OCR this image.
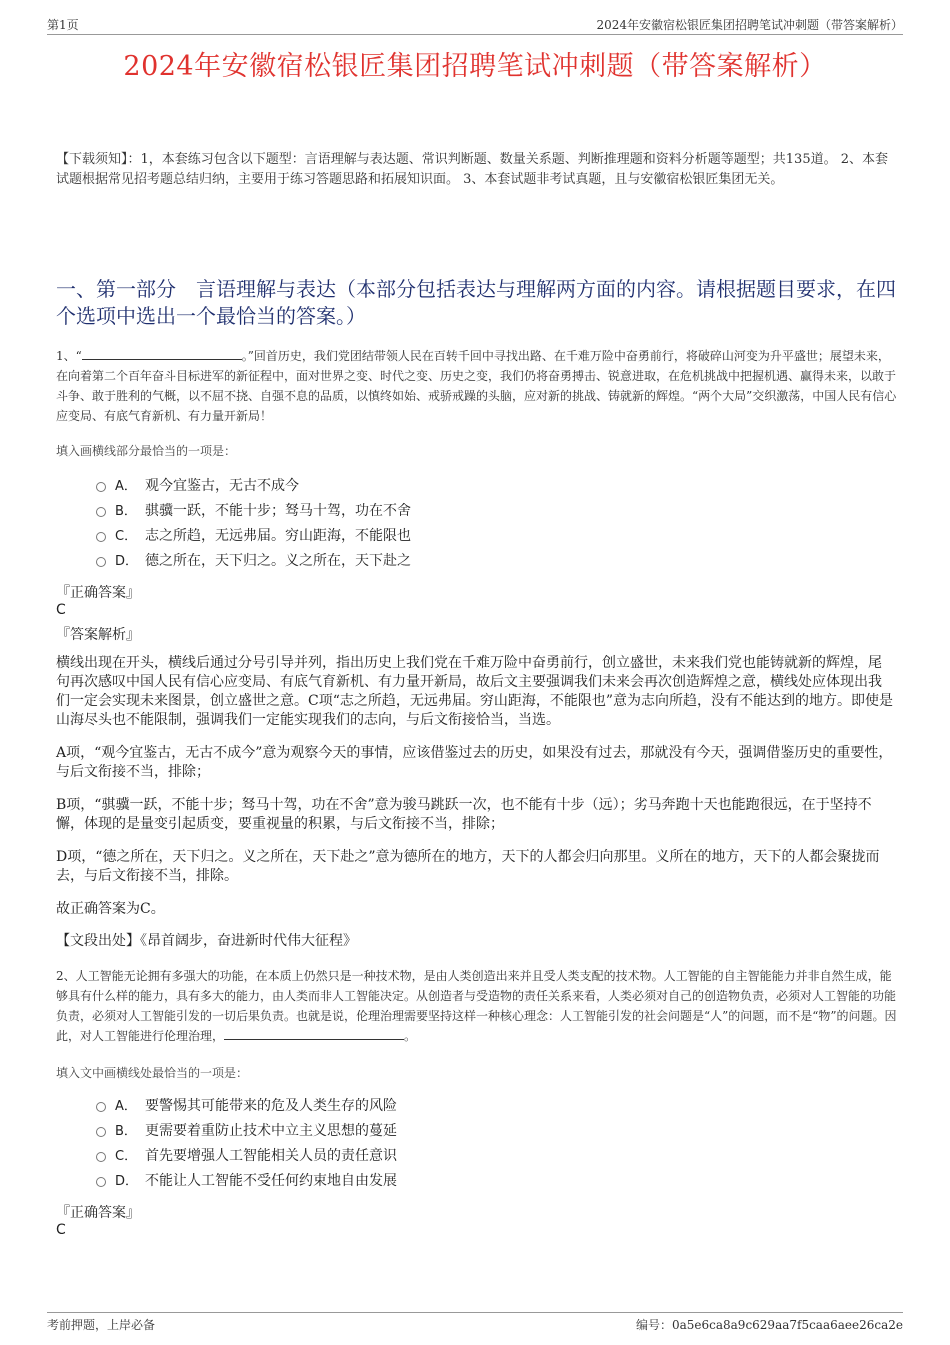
第1页	2024年安徽宿松银匠集团招聘笔试冲刺题（带答案解析）
2024年安徽宿松银匠集团招聘笔试冲刺题（带答案解析）
【下载须知】：1，本套练习包含以下题型：言语理解与表达题、常识判断题、数量关系题、判断推理题和资料分析题等题型；共135道。 2、本套试题根据常见招考题总结归纳，主要用于练习答题思路和拓展知识面。 3、本套试题非考试真题，且与安徽宿松银匠集团无关。
一、第一部分　言语理解与表达（本部分包括表达与理解两方面的内容。请根据题目要求，在四个选项中选出一个最恰当的答案。）
1、“	。”回首历史，我们党团结带领人民在百转千回中寻找出路、在千难万险中奋勇前行，将破碎山河变为升平盛世；展望未来，在向着第二个百年奋斗目标进军的新征程中，面对世界之变、时代之变、历史之变，我们仍将奋勇搏击、锐意进取，在危机挑战中把握机遇、赢得未来，以敢于斗争、敢于胜利的气概，以不屈不挠、自强不息的品质，以慎终如始、戒骄戒躁的头脑，应对新的挑战、铸就新的辉煌。“两个大局”交织激荡，中国人民有信心应变局、有底气育新机、有力量开新局！
填入画横线部分最恰当的一项是：
A． 观今宜鉴古，无古不成今
B． 骐骥一跃，不能十步；驽马十驾，功在不舍
C． 志之所趋，无远弗届。穷山距海，不能限也
D． 德之所在，天下归之。义之所在，天下赴之
『正确答案』
C
『答案解析』
横线出现在开头，横线后通过分号引导并列，指出历史上我们党在千难万险中奋勇前行，创立盛世，未来我们党也能铸就新的辉煌，尾句再次感叹中国人民有信心应变局、有底气育新机、有力量开新局，故后文主要强调我们未来会再次创造辉煌之意，横线处应体现出我们一定会实现未来图景，创立盛世之意。C项“志之所趋，无远弗届。穷山距海，不能限也”意为志向所趋，没有不能达到的地方。即使是山海尽头也不能限制，强调我们一定能实现我们的志向，与后文衔接恰当，当选。
A项，“观今宜鉴古，无古不成今”意为观察今天的事情，应该借鉴过去的历史，如果没有过去，那就没有今天，强调借鉴历史的重要性，与后文衔接不当，排除；
B项，“骐骥一跃，不能十步；驽马十驾，功在不舍”意为骏马跳跃一次，也不能有十步（远）；劣马奔跑十天也能跑很远，在于坚持不懈，体现的是量变引起质变，要重视量的积累，与后文衔接不当，排除；
D项，“德之所在，天下归之。义之所在，天下赴之”意为德所在的地方，天下的人都会归向那里。义所在的地方，天下的人都会聚拢而去，与后文衔接不当，排除。
故正确答案为C。
【文段出处】《昂首阔步，奋进新时代伟大征程》
2、人工智能无论拥有多强大的功能，在本质上仍然只是一种技术物，是由人类创造出来并且受人类支配的技术物。人工智能的自主智能能力并非自然生成，能够具有什么样的能力，具有多大的能力，由人类而非人工智能决定。从创造者与受造物的责任关系来看，人类必须对自己的创造物负责，必须对人工智能的功能负责，必须对人工智能引发的一切后果负责。也就是说，伦理治理需要坚持这样一种核心理念：人工智能引发的社会问题是“人”的问题，而不是“物”的问题。因此，对人工智能进行伦理治理，	。
填入文中画横线处最恰当的一项是：
A． 要警惕其可能带来的危及人类生存的风险
B． 更需要着重防止技术中立主义思想的蔓延
C． 首先要增强人工智能相关人员的责任意识
D． 不能让人工智能不受任何约束地自由发展
『正确答案』
C
考前押题，上岸必备	编号：0a5e6ca8a9c629aa7f5caa6aee26ca2e
